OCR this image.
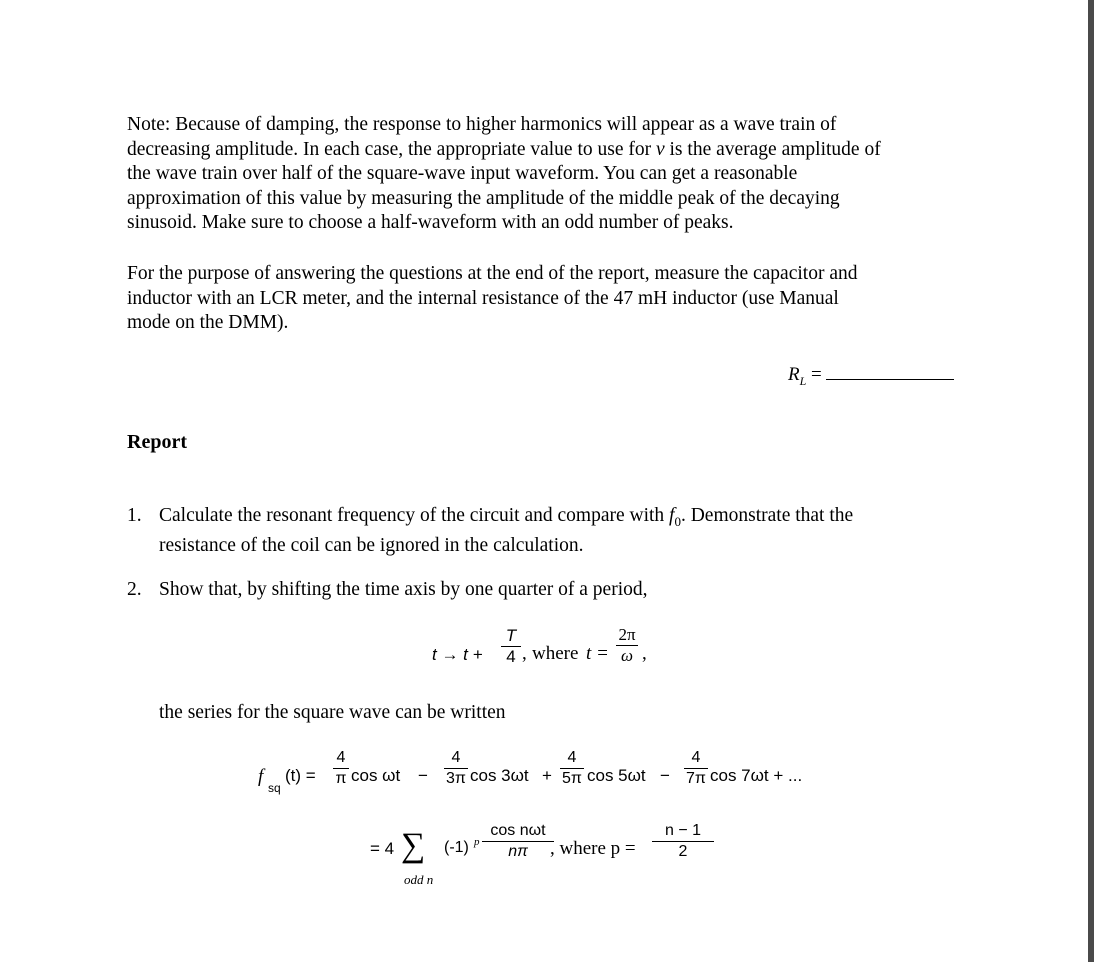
Note: Because of damping, the response to higher harmonics will appear as a wave train of
decreasing amplitude. In each case, the appropriate value to use for v is the average amplitude of
the wave train over half of the square-wave input waveform. You can get a reasonable
approximation of this value by measuring the amplitude of the middle peak of the decaying
sinusoid. Make sure to choose a half-waveform with an odd number of peaks.

For the purpose of answering the questions at the end of the report, measure the capacitor and
inductor with an LCR meter, and the internal resistance of the 47 mH inductor (use Manual
mode on the DMM).

$R_L$ =
Report
1. Calculate the resonant frequency of the circuit and compare with $f_0$. Demonstrate that the
resistance of the coil can be ignored in the calculation.
2. Show that, by shifting the time axis by one quarter of a period,
t → t +
T
4 , where t =
2π
ω ,
the series for the square wave can be written
f
sq
(t) =
4
π cos ωt −
4
3π cos 3ωt +
4
5π cos 5ωt −
4
7π cos 7ωt + ...
= 4 ∑
odd n
(-1) p
cos nωt
nπ	, where p =
n − 1
2
